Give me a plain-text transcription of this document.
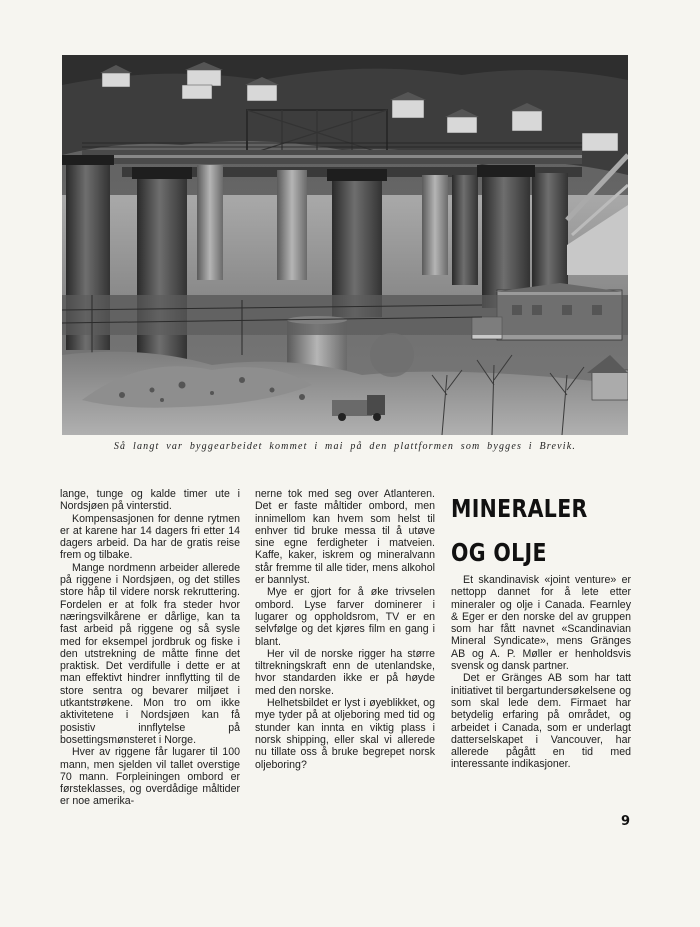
Så langt var byggearbeidet kommet i mai på den plattformen som bygges i Brevik.

lange, tunge og kalde timer ute i Nordsjøen på vinterstid.

Kompensasjonen for denne rytmen er at karene har 14 dagers fri etter 14 dagers arbeid. Da har de gratis reise frem og tilbake.

Mange nordmenn arbeider allerede på riggene i Nordsjøen, og det stilles store håp til videre norsk rekruttering. Fordelen er at folk fra steder hvor næringsvilkårene er dårlige, kan ta fast arbeid på riggene og så sysle med for eksempel jordbruk og fiske i den utstrekning de måtte finne det praktisk. Det verdifulle i dette er at man effektivt hindrer innflytting til de store sentra og bevarer miljøet i utkantstrøkene. Mon tro om ikke aktivitetene i Nordsjøen kan få posistiv innflytelse på bosettingsmønsteret i Norge.

Hver av riggene får lugarer til 100 mann, men sjelden vil tallet overstige 70 mann. Forpleiningen ombord er førsteklasses, og overdådige måltider er noe amerika-

nerne tok med seg over Atlanteren. Det er faste måltider ombord, men innimellom kan hvem som helst til enhver tid bruke messa til å utøve sine egne ferdigheter i matveien. Kaffe, kaker, iskrem og mineralvann står fremme til alle tider, mens alkohol er bannlyst.

Mye er gjort for å øke trivselen ombord. Lyse farver dominerer i lugarer og oppholdsrom, TV er en selvfølge og det kjøres film en gang i blant.

Her vil de norske rigger ha større tiltrekningskraft enn de utenlandske, hvor standarden ikke er på høyde med den norske.

Helhetsbildet er lyst i øyeblikket, og mye tyder på at oljeboring med tid og stunder kan innta en viktig plass i norsk shipping, eller skal vi allerede nu tillate oss å bruke begrepet norsk oljeboring?

MINERALER
OG OLJE

Et skandinavisk «joint venture» er nettopp dannet for å lete etter mineraler og olje i Canada. Fearnley & Eger er den norske del av gruppen som har fått navnet «Scandinavian Mineral Syndicate», mens Gränges AB og A. P. Møller er henholdsvis svensk og dansk partner.

Det er Gränges AB som har tatt initiativet til bergartundersøkelsene og som skal lede dem. Firmaet har betydelig erfaring på området, og arbeidet i Canada, som er underlagt datterselskapet i Vancouver, har allerede pågått en tid med interessante indikasjoner.

9
